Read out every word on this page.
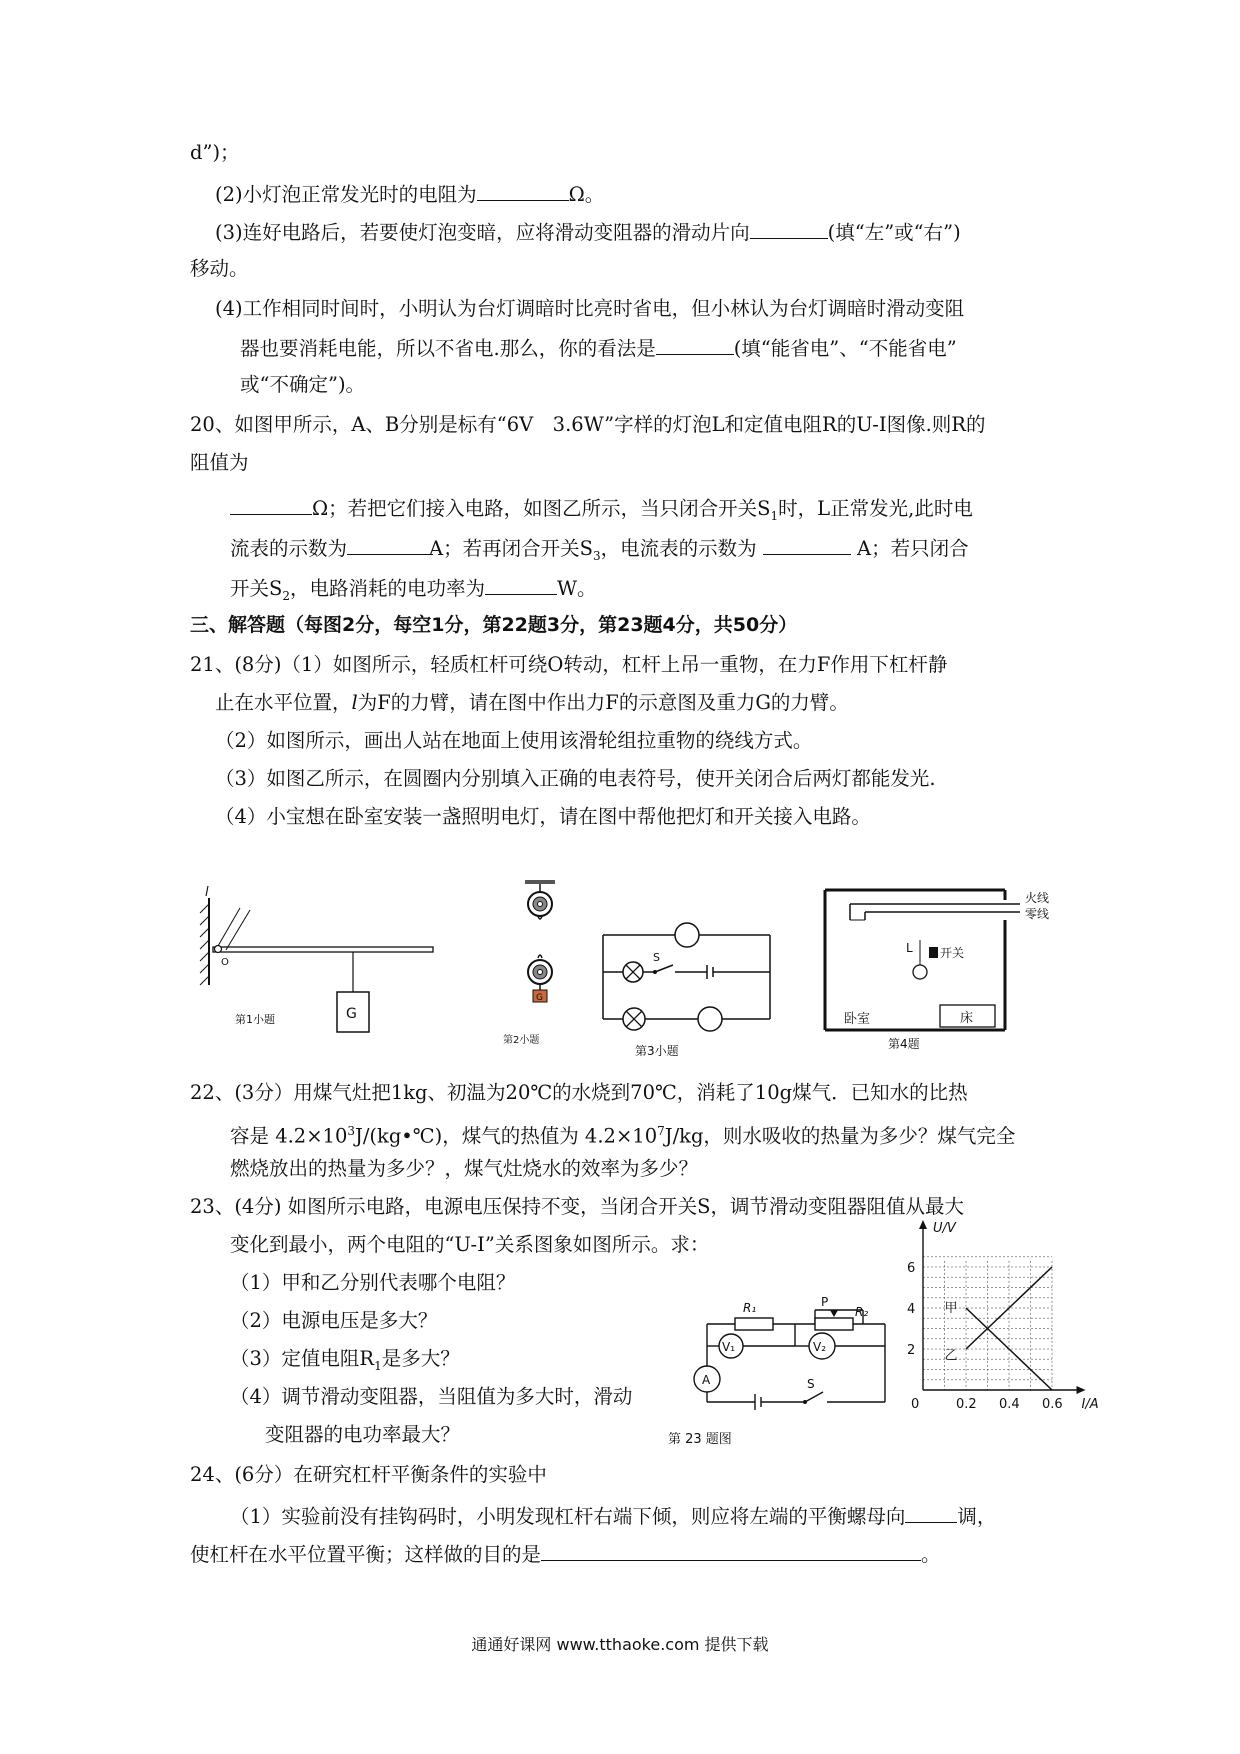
d”)；
(2)小灯泡正常发光时的电阻为	Ω。
(3)连好电路后，若要使灯泡变暗，应将滑动变阻器的滑动片向	(填“左”或“右”)
移动。
(4)工作相同时间时，小明认为台灯调暗时比亮时省电，但小林认为台灯调暗时滑动变阻
器也要消耗电能，所以不省电.那么，你的看法是	(填“能省电”、“不能省电”
或“不确定”)。
20、如图甲所示，A、B分别是标有“6V　3.6W”字样的灯泡L和定值电阻R的U-I图像.则R的
阻值为
Ω；若把它们接入电路，如图乙所示，当只闭合开关$S_1$时，L正常发光,此时电
流表的示数为	A；若再闭合开关$S_3$，电流表的示数为	A；若只闭合
开关$S_2$，电路消耗的电功率为	W。
三、解答题（每图2分，每空1分，第22题3分，第23题4分，共50分）
21、(8分)（1）如图所示，轻质杠杆可绕O转动，杠杆上吊一重物，在力F作用下杠杆静
止在水平位置，l为F的力臂，请在图中作出力F的示意图及重力G的力臂。
（2）如图所示，画出人站在地面上使用该滑轮组拉重物的绕线方式。
（3）如图乙所示，在圆圈内分别填入正确的电表符号，使开关闭合后两灯都能发光.
（4）小宝想在卧室安装一盏照明电灯，请在图中帮他把灯和开关接入电路。
l
O
G
第1小题
G
第2小题
S
第3小题
火线
零线
L 开关
卧室	床
第4题
22、(3分）用煤气灶把1kg、初温为20℃的水烧到70℃，消耗了10g煤气．已知水的比热
容是 $4.2\times 10^3J/(kg•℃)$，煤气的热值为 $4.2\times 10^7J/kg$，则水吸收的热量为多少？煤气完全
燃烧放出的热量为多少？，煤气灶烧水的效率为多少？
23、(4分) 如图所示电路，电源电压保持不变，当闭合开关S，调节滑动变阻器阻值从最大
变化到最小，两个电阻的“U-I”关系图象如图所示。求：
（1）甲和乙分别代表哪个电阻？
（2）电源电压是多大？
（3）定值电阻$R_1$是多大？
（4）调节滑动变阻器，当阻值为多大时，滑动
变阻器的电功率最大？
R₁	P
R₂
V₁	V₂
A	S
第 23 题图
U/V
I/A
0	0.2 0.4 0.6
2
4
6
甲
乙
24、(6分）在研究杠杆平衡条件的实验中
（1）实验前没有挂钩码时，小明发现杠杆右端下倾，则应将左端的平衡螺母向	调，
使杠杆在水平位置平衡；这样做的目的是	。
通通好课网 www.tthaoke.com 提供下载
